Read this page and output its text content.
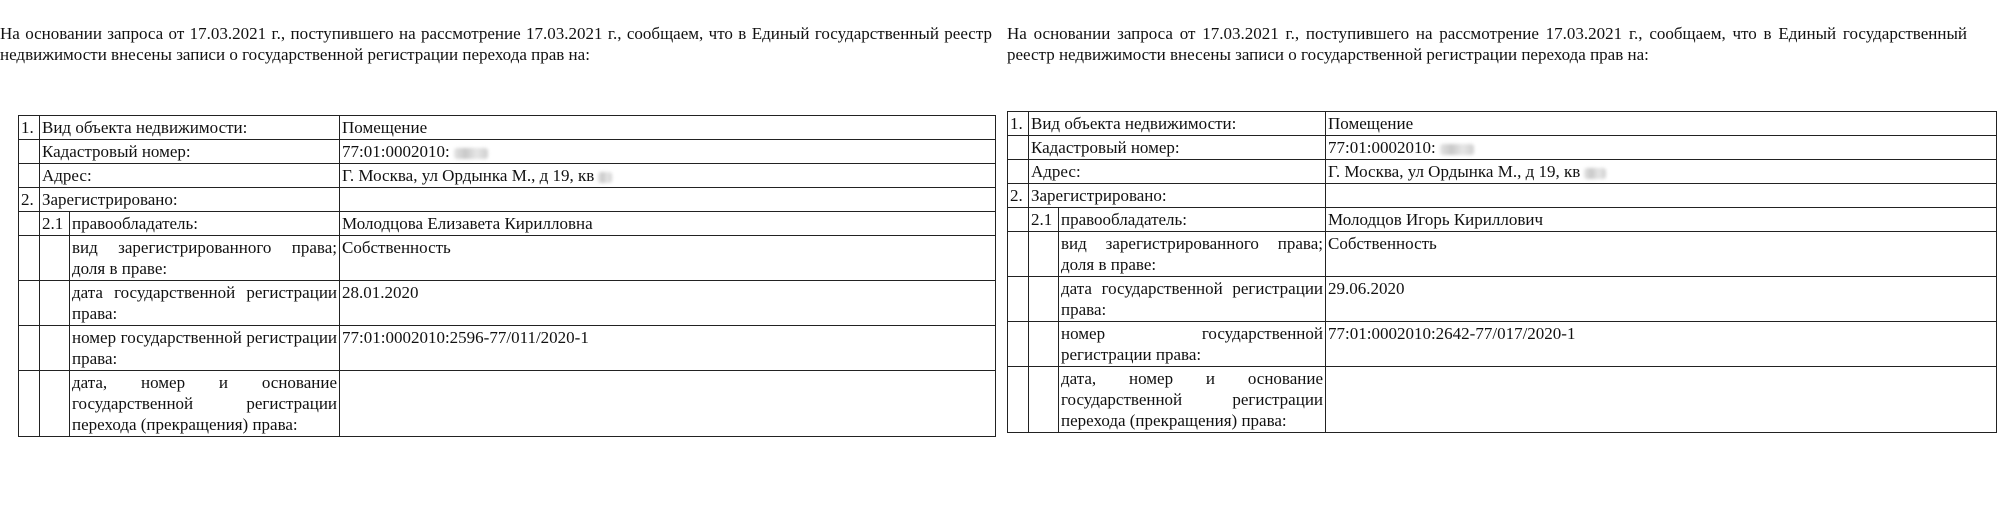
На основании запроса от 17.03.2021 г., поступившего на рассмотрение 17.03.2021 г., сообщаем, что в Единый государственный реестр недвижимости внесены записи о государственной регистрации перехода прав на:

1.	Вид объекта недвижимости:		Помещение
	Кадастровый номер:		77:01:0002010:
	Адрес:		Г. Москва, ул Ордынка М., д 19, кв
2.	Зарегистрировано:		
	2.1	правообладатель:	Молодцова Елизавета Кирилловна
		вид зарегистрированного права; доля в праве:	Собственность
		дата государственной регистрации права:	28.01.2020
		номер государственной регистрации права:	77:01:0002010:2596-77/011/2020-1
		дата, номер и основание государственной регистрации перехода (прекращения) права:	

На основании запроса от 17.03.2021 г., поступившего на рассмотрение 17.03.2021 г., сообщаем, что в Единый государственный реестр недвижимости внесены записи о государственной регистрации перехода прав на:

1.	Вид объекта недвижимости:		Помещение
	Кадастровый номер:		77:01:0002010:
	Адрес:		Г. Москва, ул Ордынка М., д 19, кв
2.	Зарегистрировано:		
	2.1	правообладатель:	Молодцов Игорь Кириллович
		вид зарегистрированного права; доля в праве:	Собственность
		дата государственной регистрации права:	29.06.2020
		номер государственной регистрации права:	77:01:0002010:2642-77/017/2020-1
		дата, номер и основание государственной регистрации перехода (прекращения) права:	
